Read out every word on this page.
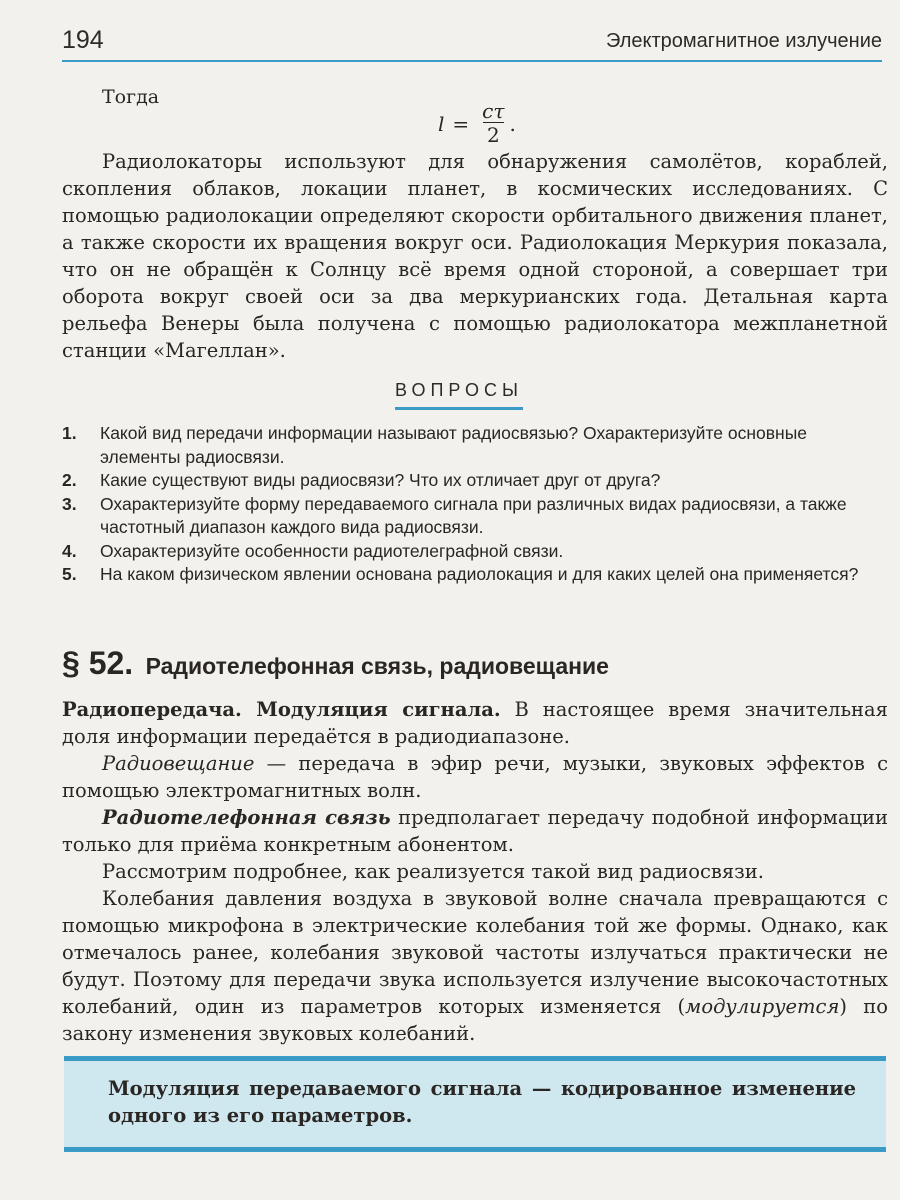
194	Электромагнитное излучение
Тогда
$l = \frac{c\tau}{2}$ .

Радиолокаторы используют для обнаружения самолётов, кораблей, скопления облаков, локации планет, в космических исследованиях. С помощью радиолокации определяют скорости орбитального движения планет, а также скорости их вращения вокруг оси. Радиолокация Меркурия показала, что он не обращён к Солнцу всё время одной стороной, а совершает три оборота вокруг своей оси за два меркурианских года. Детальная карта рельефа Венеры была получена с помощью радиолокатора межпланетной станции «Магеллан».

ВОПРОСЫ
1.	Какой вид передачи информации называют радиосвязью? Охарактеризуйте основные элементы радиосвязи.
2.	Какие существуют виды радиосвязи? Что их отличает друг от друга?
3.	Охарактеризуйте форму передаваемого сигнала при различных видах радиосвязи, а также частотный диапазон каждого вида радиосвязи.
4.	Охарактеризуйте особенности радиотелеграфной связи.
5.	На каком физическом явлении основана радиолокация и для каких целей она применяется?
§ 52. Радиотелефонная связь, радиовещание

Радиопередача. Модуляция сигнала. В настоящее время значительная доля информации передаётся в радиодиапазоне.

Радиовещание — передача в эфир речи, музыки, звуковых эффектов с помощью электромагнитных волн.

Радиотелефонная связь предполагает передачу подобной информации только для приёма конкретным абонентом.

Рассмотрим подробнее, как реализуется такой вид радиосвязи.

Колебания давления воздуха в звуковой волне сначала превращаются с помощью микрофона в электрические колебания той же формы. Однако, как отмечалось ранее, колебания звуковой частоты излучаться практически не будут. Поэтому для передачи звука используется излучение высокочастотных колебаний, один из параметров которых изменяется (модулируется) по закону изменения звуковых колебаний.

Модуляция передаваемого сигнала — кодированное изменение одного из его параметров.
